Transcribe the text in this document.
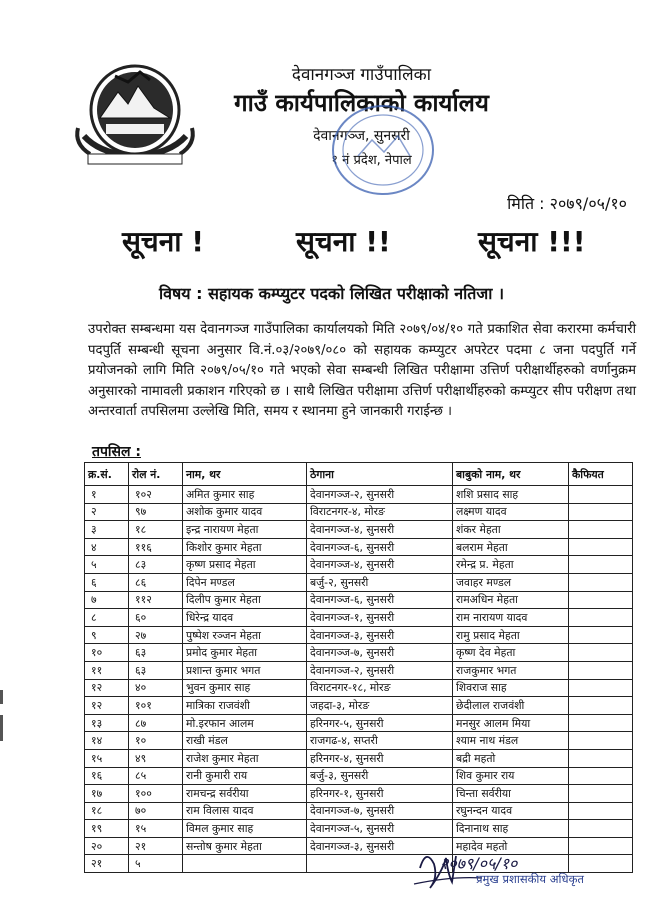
देवानगञ्ज गाउँपालिका
गाउँ कार्यपालिकाको कार्यालय
देवानगञ्ज, सुनसरी
१ नं प्रदेश, नेपाल
मिति : २०७९/०५/१०
सूचना !	सूचना !!	सूचना !!!
विषय : सहायक कम्प्युटर पदको लिखित परीक्षाको नतिजा ।
उपरोक्त सम्बन्धमा यस देवानगञ्ज गाउँपालिका कार्यालयको मिति २०७९/०४/१० गते प्रकाशित सेवा करारमा कर्मचारी पदपुर्ति सम्बन्धी सूचना अनुसार वि.नं.०३/२०७९/०८० को सहायक कम्प्युटर अपरेटर पदमा ८ जना पदपुर्ति गर्ने प्रयोजनको लागि मिति २०७९/०५/१० गते भएको सेवा सम्बन्धी लिखित परीक्षामा उत्तिर्ण परीक्षार्थीहरुको वर्णानुक्रम अनुसारको नामावली प्रकाशन गरिएको छ । साथै लिखित परीक्षामा उत्तिर्ण परीक्षार्थीहरुको कम्प्युटर सीप परीक्षण तथा अन्तरवार्ता तपसिलमा उल्लेखि मिति, समय र स्थानमा हुने जानकारी गराईन्छ ।
तपसिल :
क्र.सं.	रोल नं.	नाम, थर	ठेगाना	बाबुको नाम, थर	कैफियत
१	१०२	अमित कुमार साह	देवानगञ्ज-२, सुनसरी	शशि प्रसाद साह	
२	९७	अशोक कुमार यादव	विराटनगर-४, मोरङ	लक्ष्मण यादव	
३	१८	इन्द्र नारायण मेहता	देवानगञ्ज-४, सुनसरी	शंकर मेहता	
४	११६	किशोर कुमार मेहता	देवानगञ्ज-६, सुनसरी	बलराम मेहता	
५	८३	कृष्ण प्रसाद मेहता	देवानगञ्ज-४, सुनसरी	रमेन्द्र प्र. मेहता	
६	८६	दिपेन मण्डल	बर्जु-२, सुनसरी	जवाहर मण्डल	
७	११२	दिलीप कुमार मेहता	देवानगञ्ज-६, सुनसरी	रामअधिन मेहता	
८	६०	धिरेन्द्र यादव	देवानगञ्ज-१, सुनसरी	राम नारायण यादव	
९	२७	पुष्पेश रञ्जन मेहता	देवानगञ्ज-३, सुनसरी	रामु प्रसाद मेहता	
१०	६३	प्रमोद कुमार मेहता	देवानगञ्ज-७, सुनसरी	कृष्ण देव मेहता	
११	६३	प्रशान्त कुमार भगत	देवानगञ्ज-२, सुनसरी	राजकुमार भगत	
१२	४०	भुवन कुमार साह	विराटनगर-१८, मोरङ	शिवराज साह	
१२	१०१	मात्रिका राजवंशी	जहदा-३, मोरङ	छेदीलाल राजवंशी	
१३	८७	मो.इरफान आलम	हरिनगर-५, सुनसरी	मनसुर आलम मिया	
१४	१०	राखी मंडल	राजगढ-४, सप्तरी	श्याम नाथ मंडल	
१५	४९	राजेश कुमार मेहता	हरिनगर-४, सुनसरी	बद्री महतो	
१६	८५	रानी कुमारी राय	बर्जु-३, सुनसरी	शिव कुमार राय	
१७	१००	रामचन्द्र सर्वरीया	हरिनगर-१, सुनसरी	चिन्ता सर्वरीया	
१८	७०	राम विलास यादव	देवानगञ्ज-७, सुनसरी	रघुनन्दन यादव	
१९	१५	विमल कुमार साह	देवानगञ्ज-५, सुनसरी	दिनानाथ साह	
२०	२१	सन्तोष कुमार मेहता	देवानगञ्ज-३, सुनसरी	महादेव महतो	
२१	५					२०७९/०५/१०
प्रमुख प्रशासकीय अधिकृत
